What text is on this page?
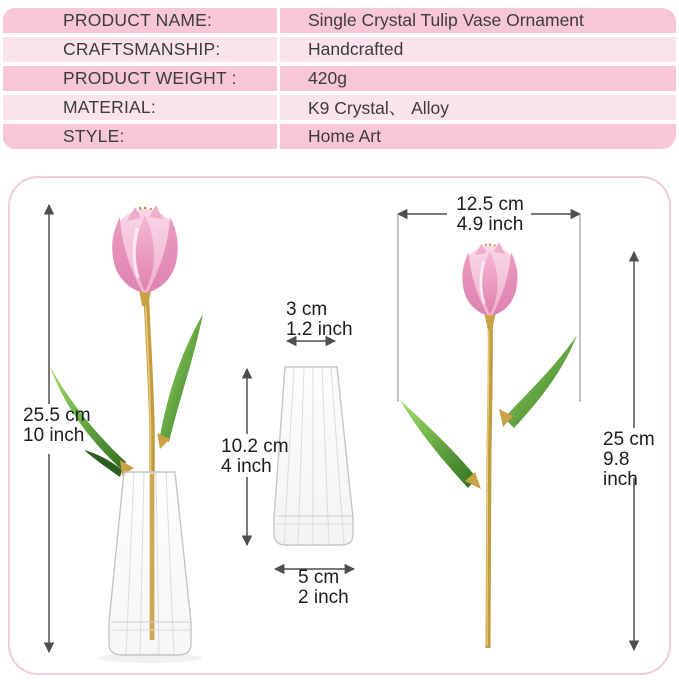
PRODUCT NAME:	Single Crystal Tulip Vase Ornament
CRAFTSMANSHIP:	Handcrafted
PRODUCT WEIGHT :	420g
MATERIAL:	K9 Crystal、 Alloy
STYLE:	Home Art
25.5 cm
10 inch
3 cm
1.2 inch
10.2 cm
4 inch
5 cm
2 inch
12.5 cm
4.9 inch
25 cm
9.8 inch
